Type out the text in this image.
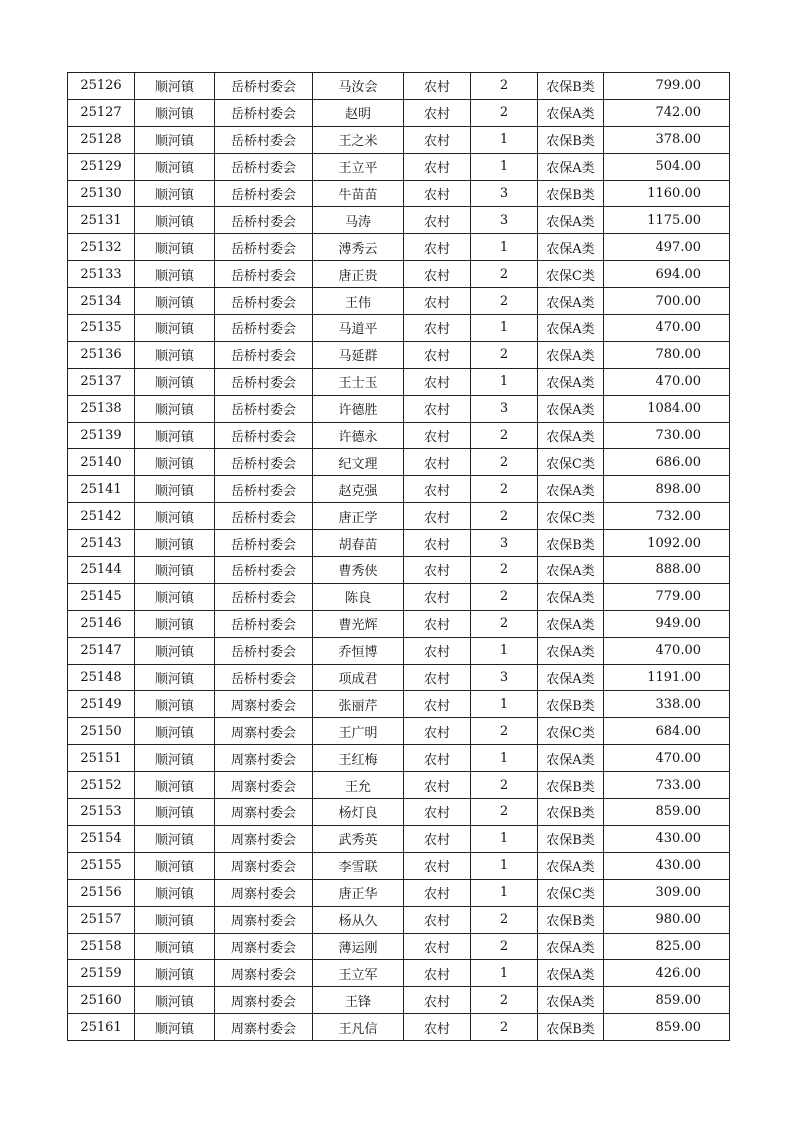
25126	顺河镇	岳桥村委会	马汝会	农村	2	农保B类	799.00
25127	顺河镇	岳桥村委会	赵明	农村	2	农保A类	742.00
25128	顺河镇	岳桥村委会	王之米	农村	1	农保B类	378.00
25129	顺河镇	岳桥村委会	王立平	农村	1	农保A类	504.00
25130	顺河镇	岳桥村委会	牛苗苗	农村	3	农保B类	1160.00
25131	顺河镇	岳桥村委会	马涛	农村	3	农保A类	1175.00
25132	顺河镇	岳桥村委会	溥秀云	农村	1	农保A类	497.00
25133	顺河镇	岳桥村委会	唐正贵	农村	2	农保C类	694.00
25134	顺河镇	岳桥村委会	王伟	农村	2	农保A类	700.00
25135	顺河镇	岳桥村委会	马道平	农村	1	农保A类	470.00
25136	顺河镇	岳桥村委会	马延群	农村	2	农保A类	780.00
25137	顺河镇	岳桥村委会	王士玉	农村	1	农保A类	470.00
25138	顺河镇	岳桥村委会	许德胜	农村	3	农保A类	1084.00
25139	顺河镇	岳桥村委会	许德永	农村	2	农保A类	730.00
25140	顺河镇	岳桥村委会	纪文理	农村	2	农保C类	686.00
25141	顺河镇	岳桥村委会	赵克强	农村	2	农保A类	898.00
25142	顺河镇	岳桥村委会	唐正学	农村	2	农保C类	732.00
25143	顺河镇	岳桥村委会	胡春苗	农村	3	农保B类	1092.00
25144	顺河镇	岳桥村委会	曹秀侠	农村	2	农保A类	888.00
25145	顺河镇	岳桥村委会	陈良	农村	2	农保A类	779.00
25146	顺河镇	岳桥村委会	曹光辉	农村	2	农保A类	949.00
25147	顺河镇	岳桥村委会	乔恒博	农村	1	农保A类	470.00
25148	顺河镇	岳桥村委会	项成君	农村	3	农保A类	1191.00
25149	顺河镇	周寨村委会	张丽芹	农村	1	农保B类	338.00
25150	顺河镇	周寨村委会	王广明	农村	2	农保C类	684.00
25151	顺河镇	周寨村委会	王红梅	农村	1	农保A类	470.00
25152	顺河镇	周寨村委会	王允	农村	2	农保B类	733.00
25153	顺河镇	周寨村委会	杨灯良	农村	2	农保B类	859.00
25154	顺河镇	周寨村委会	武秀英	农村	1	农保B类	430.00
25155	顺河镇	周寨村委会	李雪联	农村	1	农保A类	430.00
25156	顺河镇	周寨村委会	唐正华	农村	1	农保C类	309.00
25157	顺河镇	周寨村委会	杨从久	农村	2	农保B类	980.00
25158	顺河镇	周寨村委会	薄运刚	农村	2	农保A类	825.00
25159	顺河镇	周寨村委会	王立军	农村	1	农保A类	426.00
25160	顺河镇	周寨村委会	王锋	农村	2	农保A类	859.00
25161	顺河镇	周寨村委会	王凡信	农村	2	农保B类	859.00
